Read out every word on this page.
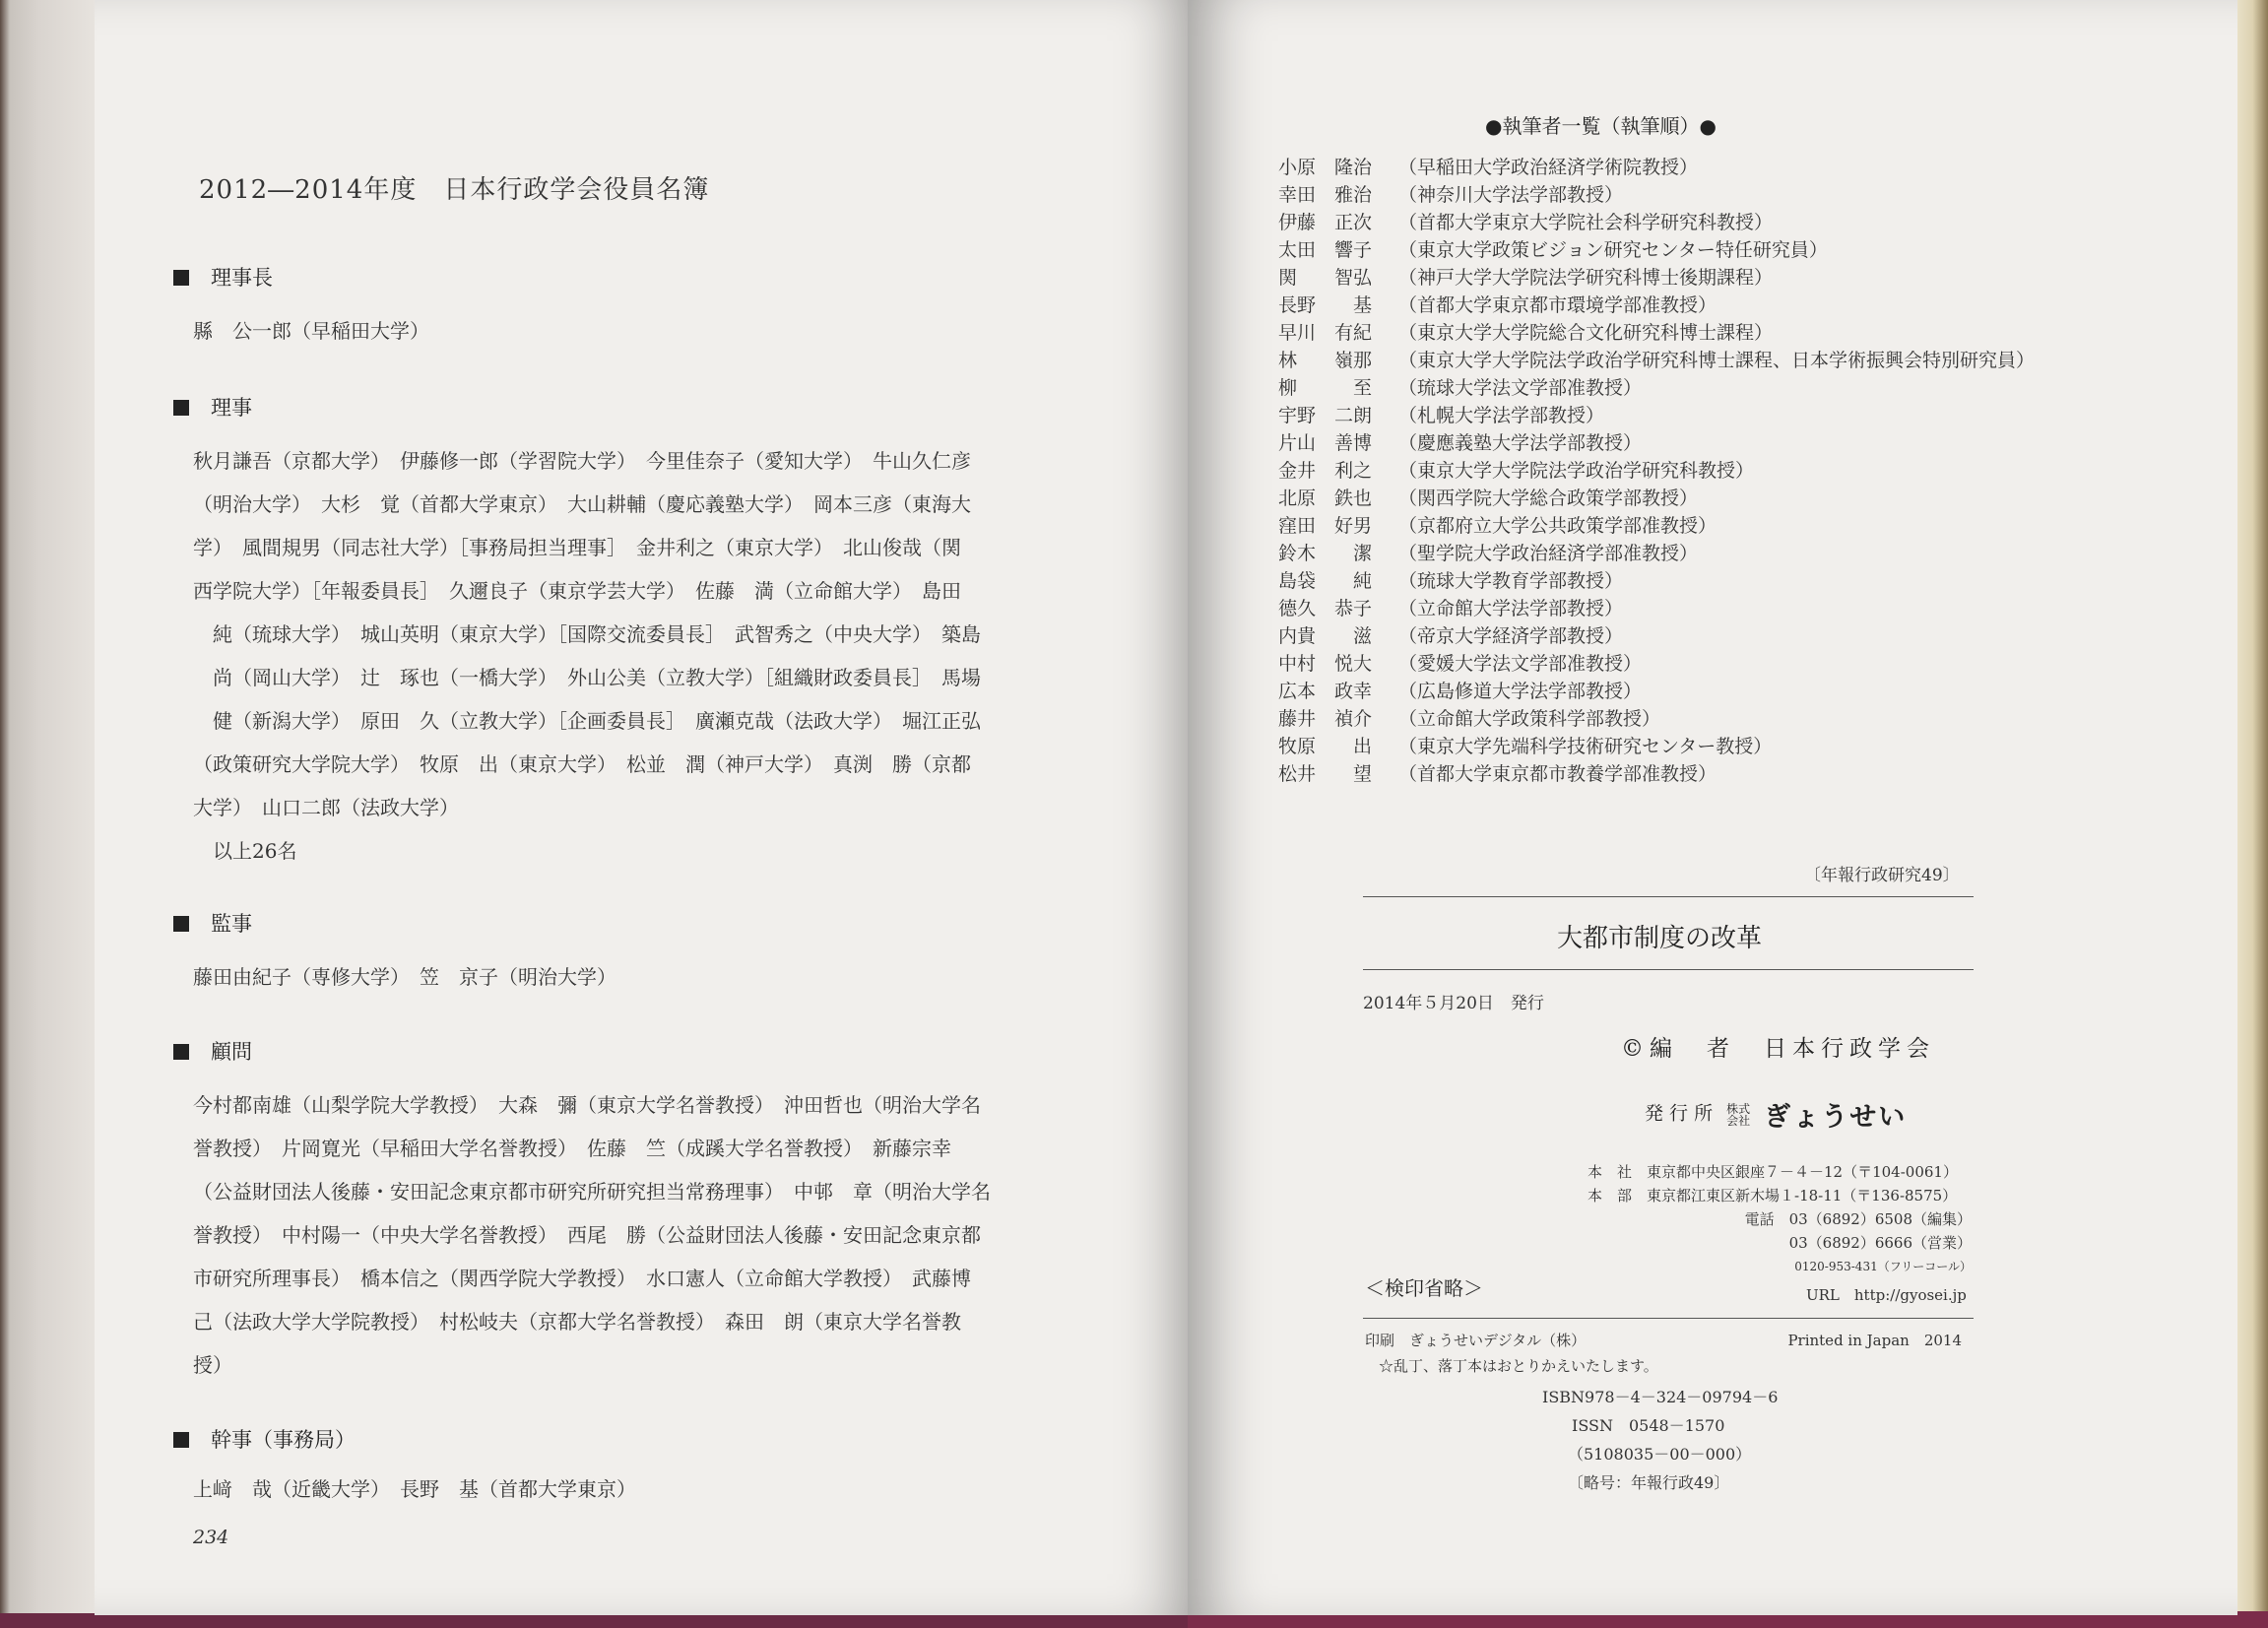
2012―2014年度　日本行政学会役員名簿
理事長
縣　公一郎（早稲田大学）
理事
秋月謙吾（京都大学）　伊藤修一郎（学習院大学）　今里佳奈子（愛知大学）　牛山久仁彦
（明治大学）　大杉　覚（首都大学東京）　大山耕輔（慶応義塾大学）　岡本三彦（東海大
学）　風間規男（同志社大学）［事務局担当理事］　金井利之（東京大学）　北山俊哉（関
西学院大学）［年報委員長］　久邇良子（東京学芸大学）　佐藤　満（立命館大学）　島田
純（琉球大学）　城山英明（東京大学）［国際交流委員長］　武智秀之（中央大学）　築島
尚（岡山大学）　辻　琢也（一橋大学）　外山公美（立教大学）［組織財政委員長］　馬場
健（新潟大学）　原田　久（立教大学）［企画委員長］　廣瀬克哉（法政大学）　堀江正弘
（政策研究大学院大学）　牧原　出（東京大学）　松並　潤（神戸大学）　真渕　勝（京都
大学）　山口二郎（法政大学）
以上26名
監事
藤田由紀子（専修大学）　笠　京子（明治大学）
顧問
今村都南雄（山梨学院大学教授）　大森　彌（東京大学名誉教授）　沖田哲也（明治大学名
誉教授）　片岡寛光（早稲田大学名誉教授）　佐藤　竺（成蹊大学名誉教授）　新藤宗幸
（公益財団法人後藤・安田記念東京都市研究所研究担当常務理事）　中邨　章（明治大学名
誉教授）　中村陽一（中央大学名誉教授）　西尾　勝（公益財団法人後藤・安田記念東京都
市研究所理事長）　橋本信之（関西学院大学教授）　水口憲人（立命館大学教授）　武藤博
己（法政大学大学院教授）　村松岐夫（京都大学名誉教授）　森田　朗（東京大学名誉教
授）
幹事（事務局）
上﨑　哉（近畿大学）　長野　基（首都大学東京）
234
●執筆者一覧（執筆順）●
小原　隆治	（早稲田大学政治経済学術院教授）
幸田　雅治	（神奈川大学法学部教授）
伊藤　正次	（首都大学東京大学院社会科学研究科教授）
太田　響子	（東京大学政策ビジョン研究センター特任研究員）
関　　智弘	（神戸大学大学院法学研究科博士後期課程）
長野　　基	（首都大学東京都市環境学部准教授）
早川　有紀	（東京大学大学院総合文化研究科博士課程）
林　　嶺那	（東京大学大学院法学政治学研究科博士課程、日本学術振興会特別研究員）
柳　　　至	（琉球大学法文学部准教授）
宇野　二朗	（札幌大学法学部教授）
片山　善博	（慶應義塾大学法学部教授）
金井　利之	（東京大学大学院法学政治学研究科教授）
北原　鉄也	（関西学院大学総合政策学部教授）
窪田　好男	（京都府立大学公共政策学部准教授）
鈴木　　潔	（聖学院大学政治経済学部准教授）
島袋　　純	（琉球大学教育学部教授）
德久　恭子	（立命館大学法学部教授）
内貴　　滋	（帝京大学経済学部教授）
中村　悦大	（愛媛大学法文学部准教授）
広本　政幸	（広島修道大学法学部教授）
藤井　禎介	（立命館大学政策科学部教授）
牧原　　出	（東京大学先端科学技術研究センター教授）
松井　　望	（首都大学東京都市教養学部准教授）
〔年報行政研究49〕
大都市制度の改革
2014年５月20日　発行
©編　者　日本行政学会
発 行 所 株式
会社 ぎょうせい
本　社　東京都中央区銀座７－４－12（〒104-0061）
本　部　東京都江東区新木場１-18-11（〒136-8575）
電話　03（6892）6508（編集）
03（6892）6666（営業）
0120-953-431（フリーコール）
＜検印省略＞	URL　http://gyosei.jp
印刷　ぎょうせいデジタル（株）	Printed in Japan　2014
☆乱丁、落丁本はおとりかえいたします。
ISBN978－4－324－09794－6
ISSN　0548－1570
（5108035－00－000）
〔略号：年報行政49〕
